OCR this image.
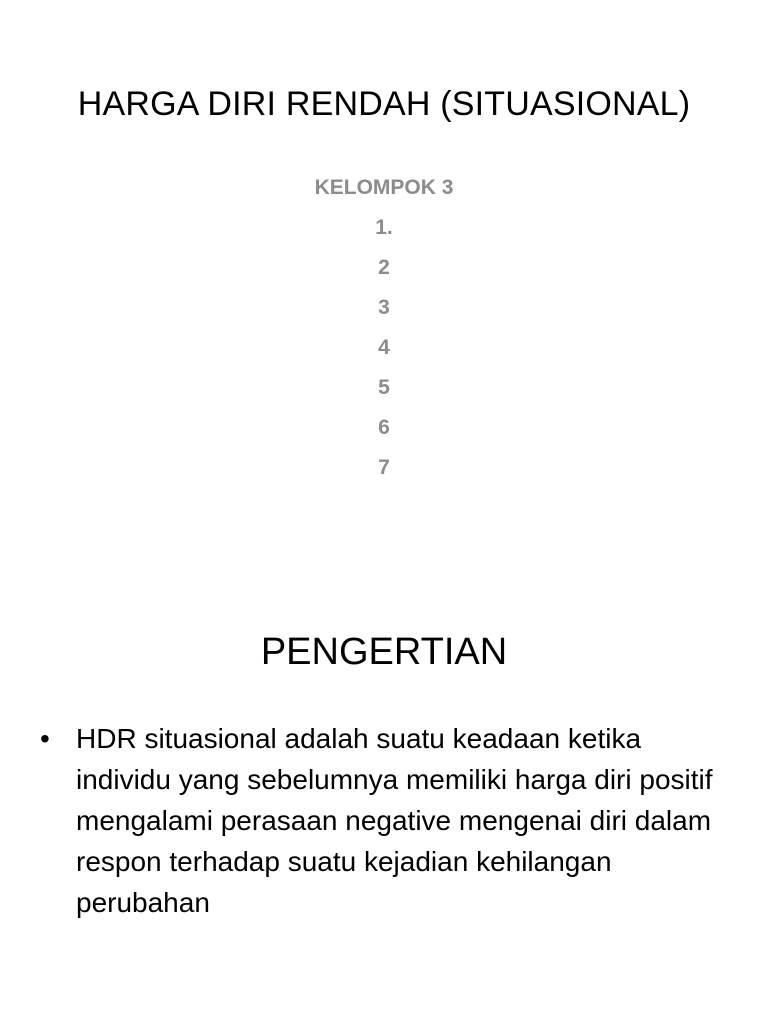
HARGA DIRI RENDAH (SITUASIONAL)
KELOMPOK 3
1.
2
3
4
5
6
7
PENGERTIAN
• HDR situasional adalah suatu keadaan ketika individu yang sebelumnya memiliki harga diri positif mengalami perasaan negative mengenai diri dalam respon terhadap suatu kejadian kehilangan perubahan
